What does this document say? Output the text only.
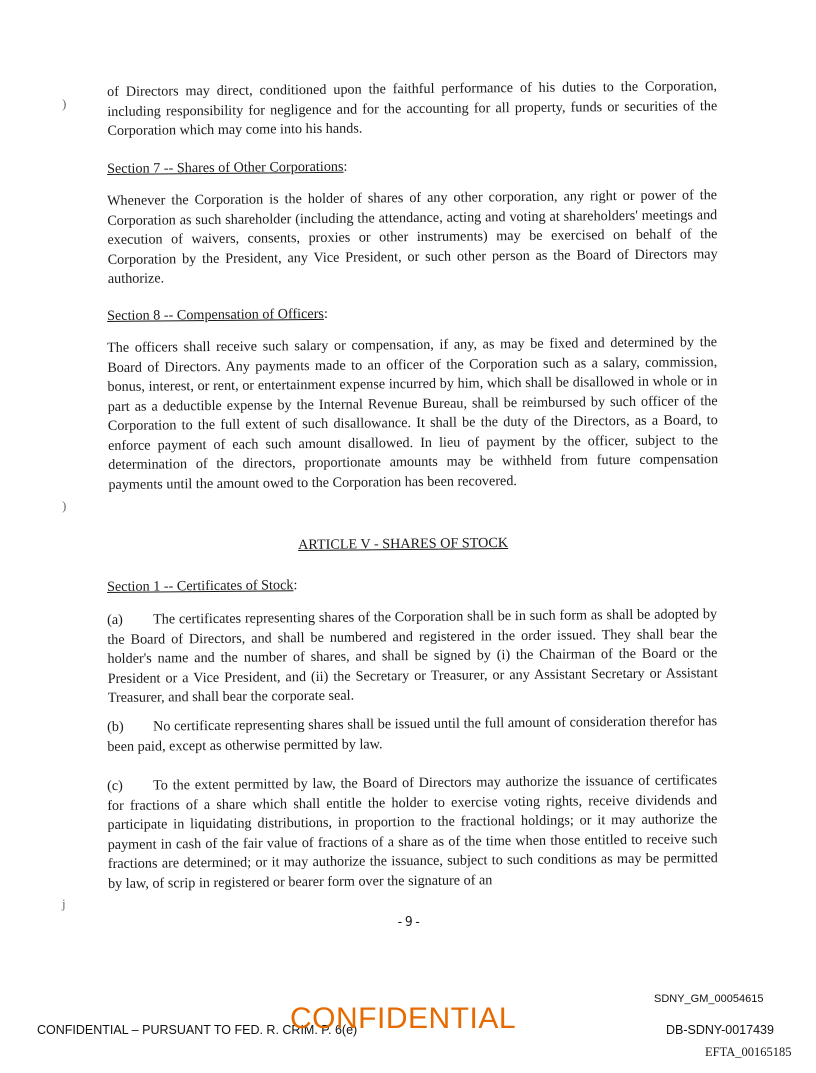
)
)
j

of Directors may direct, conditioned upon the faithful performance of his duties to the Corporation, including responsibility for negligence and for the accounting for all property, funds or securities of the Corporation which may come into his hands.

Section 7 -- Shares of Other Corporations:

Whenever the Corporation is the holder of shares of any other corporation, any right or power of the Corporation as such shareholder (including the attendance, acting and voting at shareholders' meetings and execution of waivers, consents, proxies or other instruments) may be exercised on behalf of the Corporation by the President, any Vice President, or such other person as the Board of Directors may authorize.

Section 8 -- Compensation of Officers:

The officers shall receive such salary or compensation, if any, as may be fixed and determined by the Board of Directors. Any payments made to an officer of the Corporation such as a salary, commission, bonus, interest, or rent, or entertainment expense incurred by him, which shall be disallowed in whole or in part as a deductible expense by the Internal Revenue Bureau, shall be reimbursed by such officer of the Corporation to the full extent of such disallowance. It shall be the duty of the Directors, as a Board, to enforce payment of each such amount disallowed. In lieu of payment by the officer, subject to the determination of the directors, proportionate amounts may be withheld from future compensation payments until the amount owed to the Corporation has been recovered.

ARTICLE V - SHARES OF STOCK

Section 1 -- Certificates of Stock:

(a) The certificates representing shares of the Corporation shall be in such form as shall be adopted by the Board of Directors, and shall be numbered and registered in the order issued. They shall bear the holder's name and the number of shares, and shall be signed by (i) the Chairman of the Board or the President or a Vice President, and (ii) the Secretary or Treasurer, or any Assistant Secretary or Assistant Treasurer, and shall bear the corporate seal.

(b) No certificate representing shares shall be issued until the full amount of consideration therefor has been paid, except as otherwise permitted by law.

(c) To the extent permitted by law, the Board of Directors may authorize the issuance of certificates for fractions of a share which shall entitle the holder to exercise voting rights, receive dividends and participate in liquidating distributions, in proportion to the fractional holdings; or it may authorize the payment in cash of the fair value of fractions of a share as of the time when those entitled to receive such fractions are determined; or it may authorize the issuance, subject to such conditions as may be permitted by law, of scrip in registered or bearer form over the signature of an

-9-
SDNY_GM_00054615
CONFIDENTIAL – PURSUANT TO FED. R. CRIM. P. 6(e)
CONFIDENTIAL	DB-SDNY-0017439
EFTA_00165185
